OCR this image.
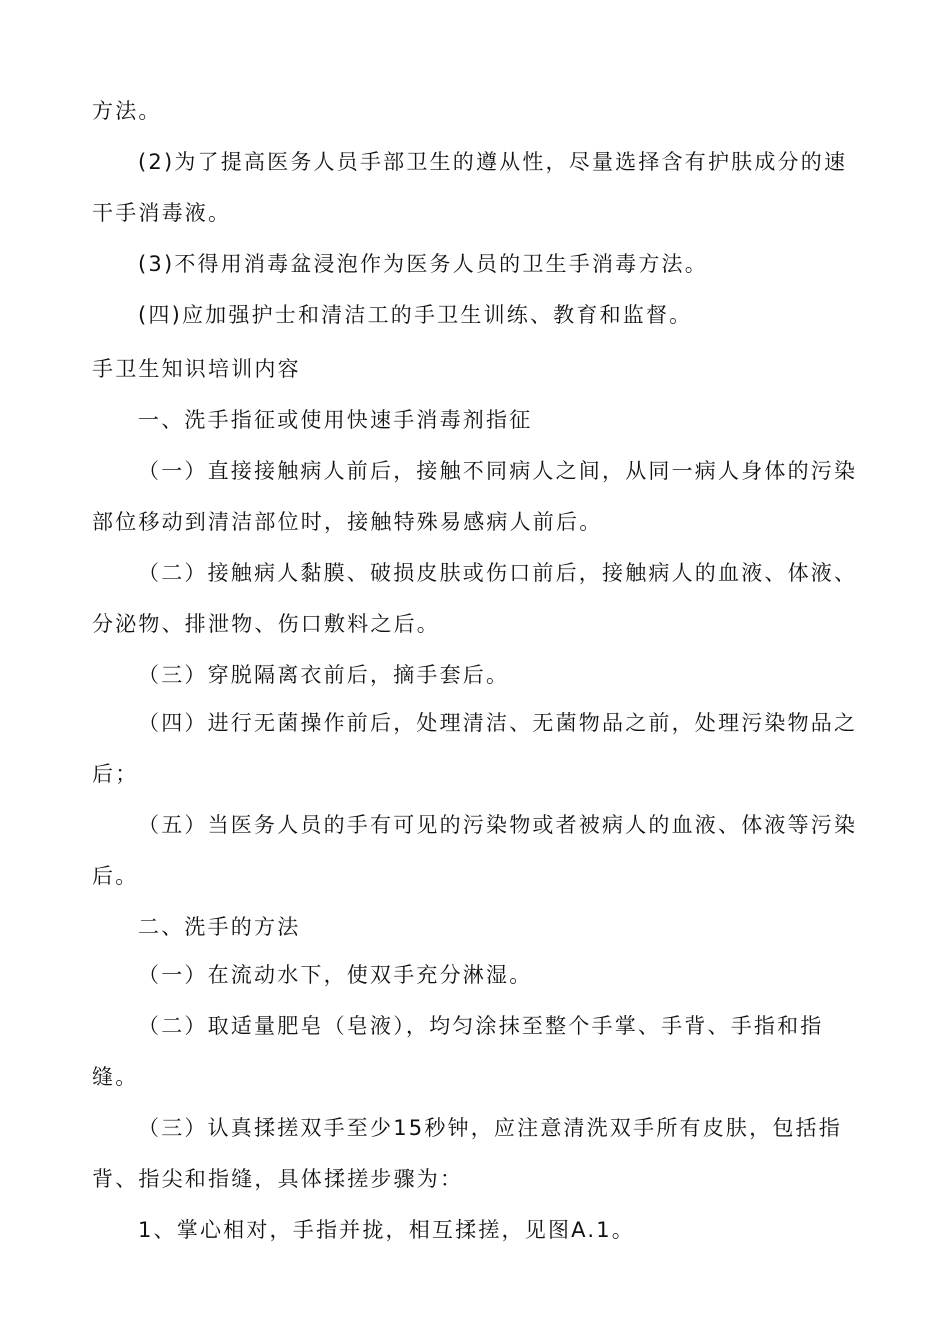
方法。

(2)为了提高医务人员手部卫生的遵从性，尽量选择含有护肤成分的速干手消毒液。

(3)不得用消毒盆浸泡作为医务人员的卫生手消毒方法。

(四)应加强护士和清洁工的手卫生训练、教育和监督。

手卫生知识培训内容

一、洗手指征或使用快速手消毒剂指征

（一）直接接触病人前后，接触不同病人之间，从同一病人身体的污染部位移动到清洁部位时，接触特殊易感病人前后。

（二）接触病人黏膜、破损皮肤或伤口前后，接触病人的血液、体液、分泌物、排泄物、伤口敷料之后。

（三）穿脱隔离衣前后，摘手套后。

（四）进行无菌操作前后，处理清洁、无菌物品之前，处理污染物品之后；

（五）当医务人员的手有可见的污染物或者被病人的血液、体液等污染后。

二、洗手的方法

（一）在流动水下，使双手充分淋湿。

（二）取适量肥皂（皂液），均匀涂抹至整个手掌、手背、手指和指缝。

（三）认真揉搓双手至少15秒钟，应注意清洗双手所有皮肤，包括指背、指尖和指缝，具体揉搓步骤为：

1、掌心相对，手指并拢，相互揉搓，见图A.1。
